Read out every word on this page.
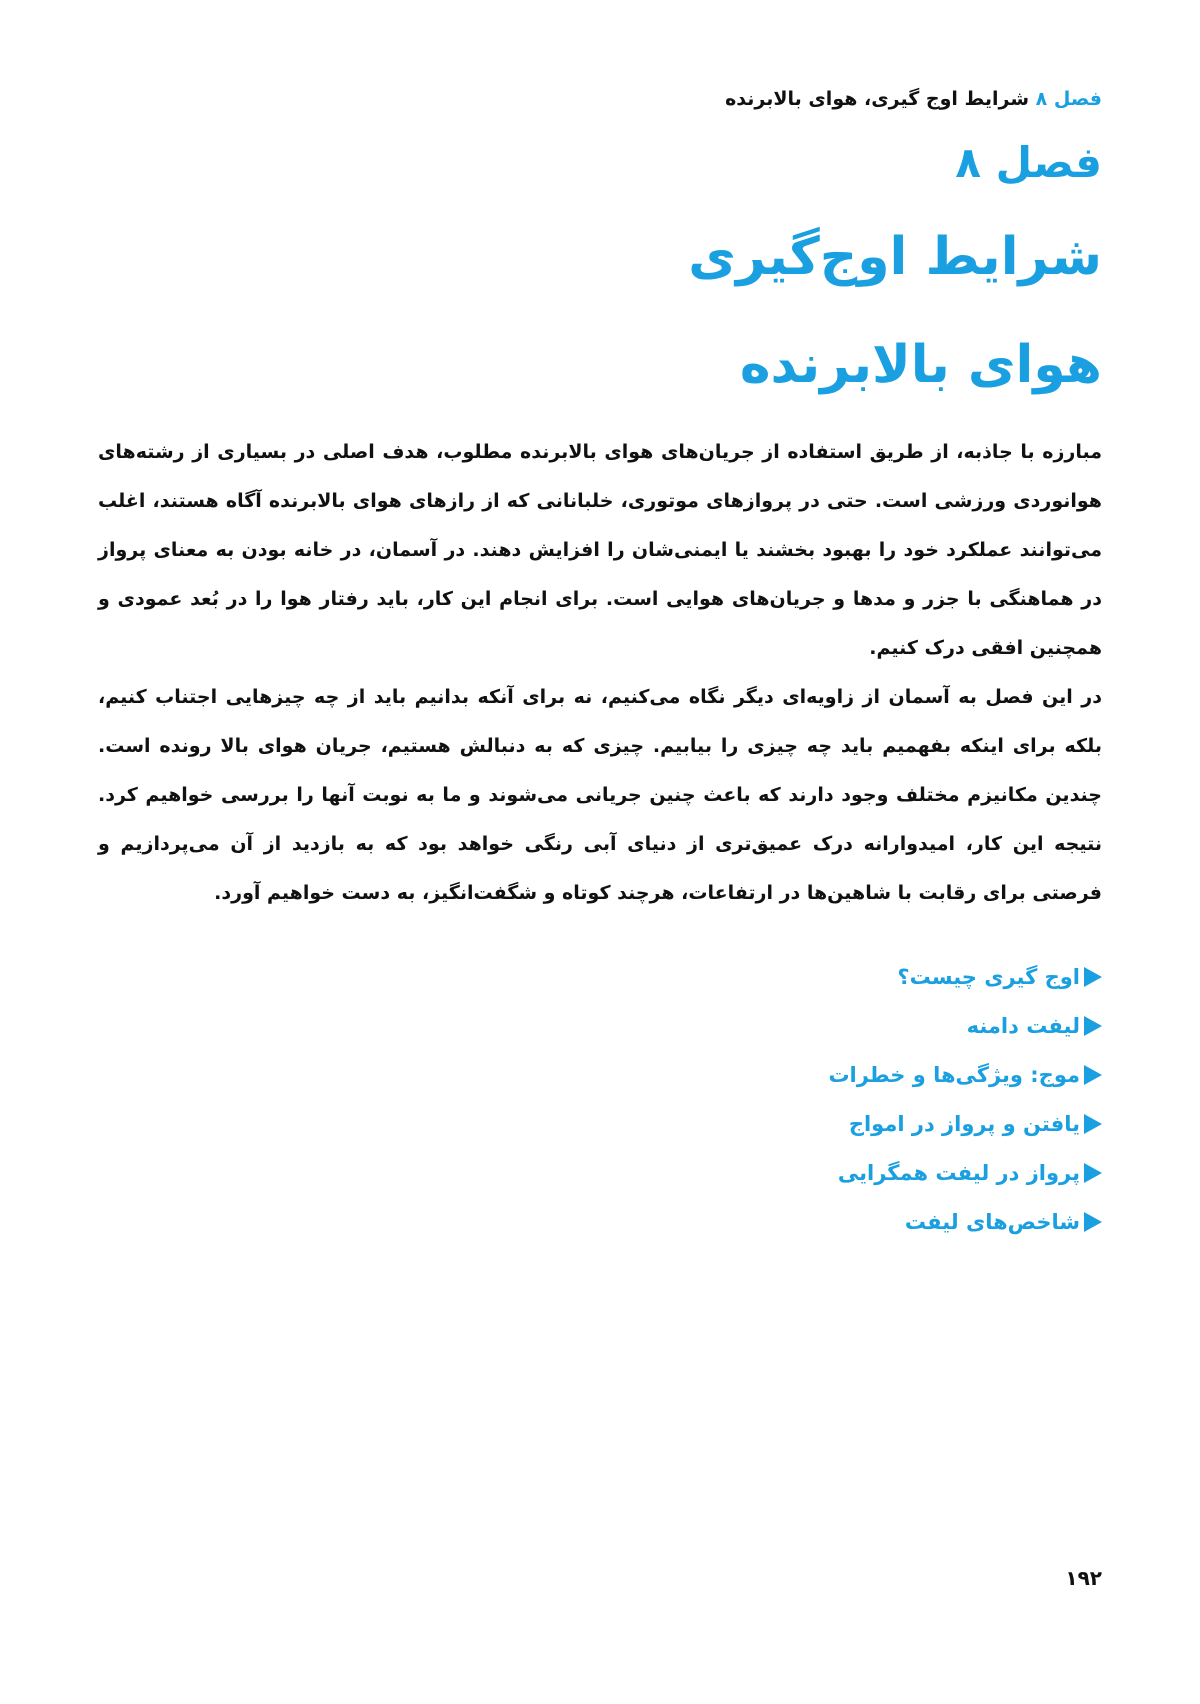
فصل ۸ شرایط اوج گیری، هوای بالابرنده
فصل ۸
شرایط اوج‌گیری
هوای بالابرنده

مبارزه با جاذبه، از طریق استفاده از جریان‌های هوای بالابرنده مطلوب، هدف اصلی در بسیاری از رشته‌های هوانوردی ورزشی است. حتی در پروازهای موتوری، خلبانانی که از رازهای هوای بالابرنده آگاه هستند، اغلب می‌توانند عملکرد خود را بهبود بخشند یا ایمنی‌شان را افزایش دهند. در آسمان، در خانه بودن به معنای پرواز در هماهنگی با جزر و مدها و جریان‌های هوایی است. برای انجام این کار، باید رفتار هوا را در بُعد عمودی و همچنین افقی درک کنیم.

در این فصل به آسمان از زاویه‌ای دیگر نگاه می‌کنیم، نه برای آنکه بدانیم باید از چه چیزهایی اجتناب کنیم، بلکه برای اینکه بفهمیم باید چه چیزی را بیابیم. چیزی که به دنبالش هستیم، جریان هوای بالا رونده است. چندین مکانیزم مختلف وجود دارند که باعث چنین جریانی می‌شوند و ما به نوبت آنها را بررسی خواهیم کرد. نتیجه این کار، امیدوارانه درک عمیق‌تری از دنیای آبی رنگی خواهد بود که به بازدید از آن می‌پردازیم و فرصتی برای رقابت با شاهین‌ها در ارتفاعات، هرچند کوتاه و شگفت‌انگیز، به دست خواهیم آورد.

اوج گیری چیست؟
لیفت دامنه
موج: ویژگی‌ها و خطرات
یافتن و پرواز در امواج
پرواز در لیفت همگرایی
شاخص‌های لیفت
۱۹۲
